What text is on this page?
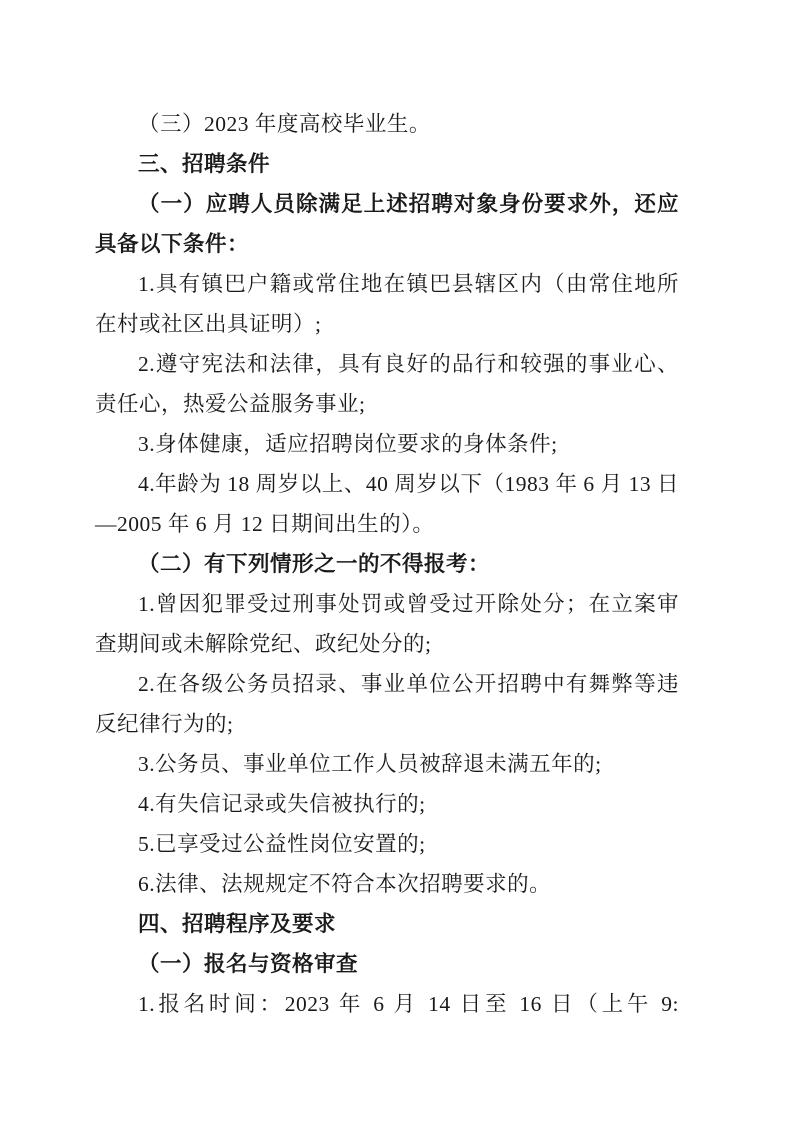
（三）2023 年度高校毕业生。

三、招聘条件

（一）应聘人员除满足上述招聘对象身份要求外，还应具备以下条件：

1.具有镇巴户籍或常住地在镇巴县辖区内（由常住地所在村或社区出具证明）;

2.遵守宪法和法律，具有良好的品行和较强的事业心、责任心，热爱公益服务事业;

3.身体健康，适应招聘岗位要求的身体条件;

4.年龄为 18 周岁以上、40 周岁以下（1983 年 6 月 13 日—2005 年 6 月 12 日期间出生的）。

（二）有下列情形之一的不得报考：

1.曾因犯罪受过刑事处罚或曾受过开除处分；在立案审查期间或未解除党纪、政纪处分的;

2.在各级公务员招录、事业单位公开招聘中有舞弊等违反纪律行为的;

3.公务员、事业单位工作人员被辞退未满五年的;

4.有失信记录或失信被执行的;

5.已享受过公益性岗位安置的;

6.法律、法规规定不符合本次招聘要求的。

四、招聘程序及要求

（一）报名与资格审查

1.报名时间：2023 年 6 月 14 日至 16 日（上午 9:
